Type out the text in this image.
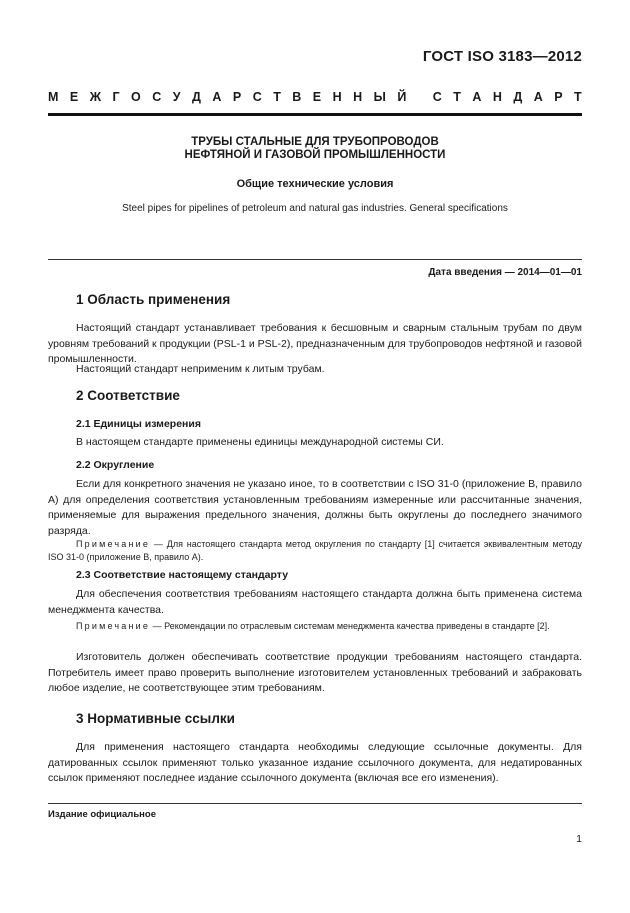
ГОСТ ISO 3183—2012
М Е Ж Г О С У Д А Р С Т В Е Н Н Ы Й
С Т А Н Д А Р Т
ТРУБЫ СТАЛЬНЫЕ ДЛЯ ТРУБОПРОВОДОВ
НЕФТЯНОЙ И ГАЗОВОЙ ПРОМЫШЛЕННОСТИ
Общие технические условия
Steel pipes for pipelines of petroleum and natural gas industries. General specifications
Дата введения — 2014—01—01
1 Область применения
Настоящий стандарт устанавливает требования к бесшовным и сварным стальным трубам по двум уровням требований к продукции (PSL-1 и PSL-2), предназначенным для трубопроводов нефтяной и газовой промышленности.
Настоящий стандарт неприменим к литым трубам.
2 Соответствие
2.1 Единицы измерения
В настоящем стандарте применены единицы международной системы СИ.
2.2 Округление
Если для конкретного значения не указано иное, то в соответствии с ISO 31-0 (приложение B, правило A) для определения соответствия установленным требованиям измеренные или рассчитанные значения, применяемые для выражения предельного значения, должны быть округлены до последнего значимого разряда.
Примечание — Для настоящего стандарта метод округления по стандарту [1] считается эквивалентным методу ISO 31-0 (приложение B, правило A).
2.3 Соответствие настоящему стандарту
Для обеспечения соответствия требованиям настоящего стандарта должна быть применена система менеджмента качества.
Примечание — Рекомендации по отраслевым системам менеджмента качества приведены в стандарте [2].
Изготовитель должен обеспечивать соответствие продукции требованиям настоящего стандарта. Потребитель имеет право проверить выполнение изготовителем установленных требований и забраковать любое изделие, не соответствующее этим требованиям.
3 Нормативные ссылки
Для применения настоящего стандарта необходимы следующие ссылочные документы. Для датированных ссылок применяют только указанное издание ссылочного документа, для недатированных ссылок применяют последнее издание ссылочного документа (включая все его изменения).
Издание официальное
1
